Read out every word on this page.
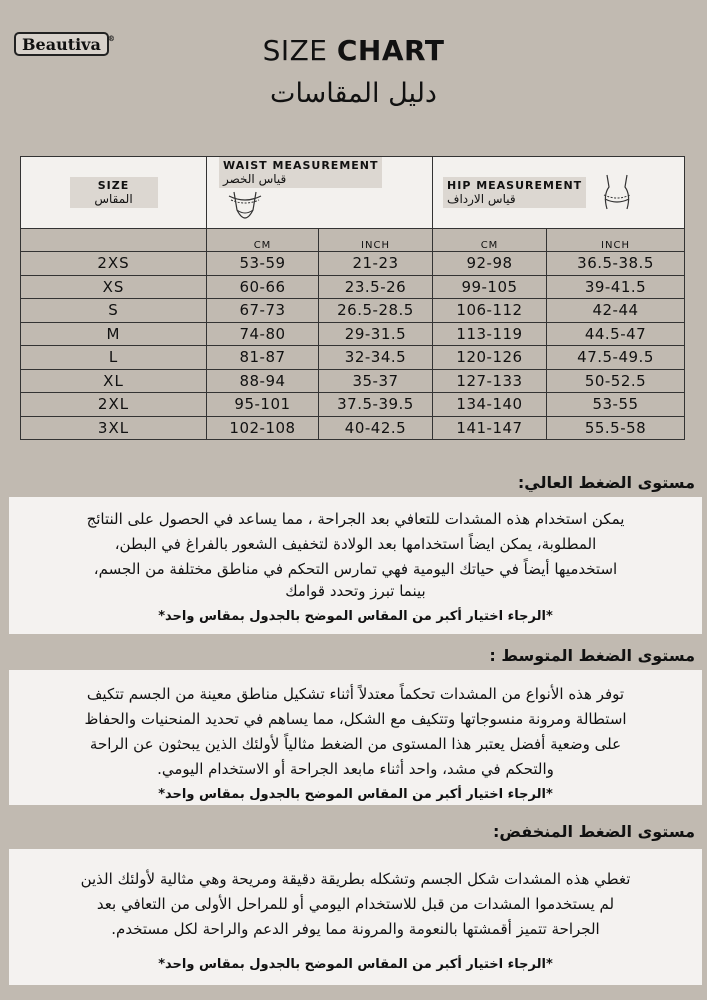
Beautiva ®	SIZE CHART
دليل المقاسات
SIZE
المقاس	WAIST MEASUREMENT
قياس الخصر		HIP MEASUREMENT
قياس الارداف	

	CM	INCH	CM	INCH
2XS	53-59	21-23	92-98	36.5-38.5
XS	60-66	23.5-26	99-105	39-41.5
S	67-73	26.5-28.5	106-112	42-44
M	74-80	29-31.5	113-119	44.5-47
L	81-87	32-34.5	120-126	47.5-49.5
XL	88-94	35-37	127-133	50-52.5
2XL	95-101	37.5-39.5	134-140	53-55
3XL	102-108	40-42.5	141-147	55.5-58
مستوى الضغط العالي:

يمكن استخدام هذه المشدات للتعافي بعد الجراحة ، مما يساعد في الحصول على النتائج

المطلوبة، يمكن ايضاً استخدامها بعد الولادة لتخفيف الشعور بالفراغ في البطن،

استخدميها أيضاً في حياتك اليومية فهي تمارس التحكم في مناطق مختلفة من الجسم،

بينما تبرز وتحدد قوامك

*الرجاء اختيار أكبر من المقاس الموضح بالجدول بمقاس واحد*

مستوى الضغط المتوسط :

توفر هذه الأنواع من المشدات تحكماً معتدلاً أثناء تشكيل مناطق معينة من الجسم تتكيف

استطالة ومرونة منسوجاتها وتتكيف مع الشكل، مما يساهم في تحديد المنحنيات والحفاظ

على وضعية أفضل يعتبر هذا المستوى من الضغط مثالياً لأولئك الذين يبحثون عن الراحة

والتحكم في مشد، واحد أثناء مابعد الجراحة أو الاستخدام اليومي.

*الرجاء اختيار أكبر من المقاس الموضح بالجدول بمقاس واحد*

مستوى الضغط المنخفض:

تغطي هذه المشدات شكل الجسم وتشكله بطريقة دقيقة ومريحة وهي مثالية لأولئك الذين

لم يستخدموا المشدات من قبل للاستخدام اليومي أو للمراحل الأولى من التعافي بعد

الجراحة تتميز أقمشتها بالنعومة والمرونة مما يوفر الدعم والراحة لكل مستخدم.

*الرجاء اختيار أكبر من المقاس الموضح بالجدول بمقاس واحد*
